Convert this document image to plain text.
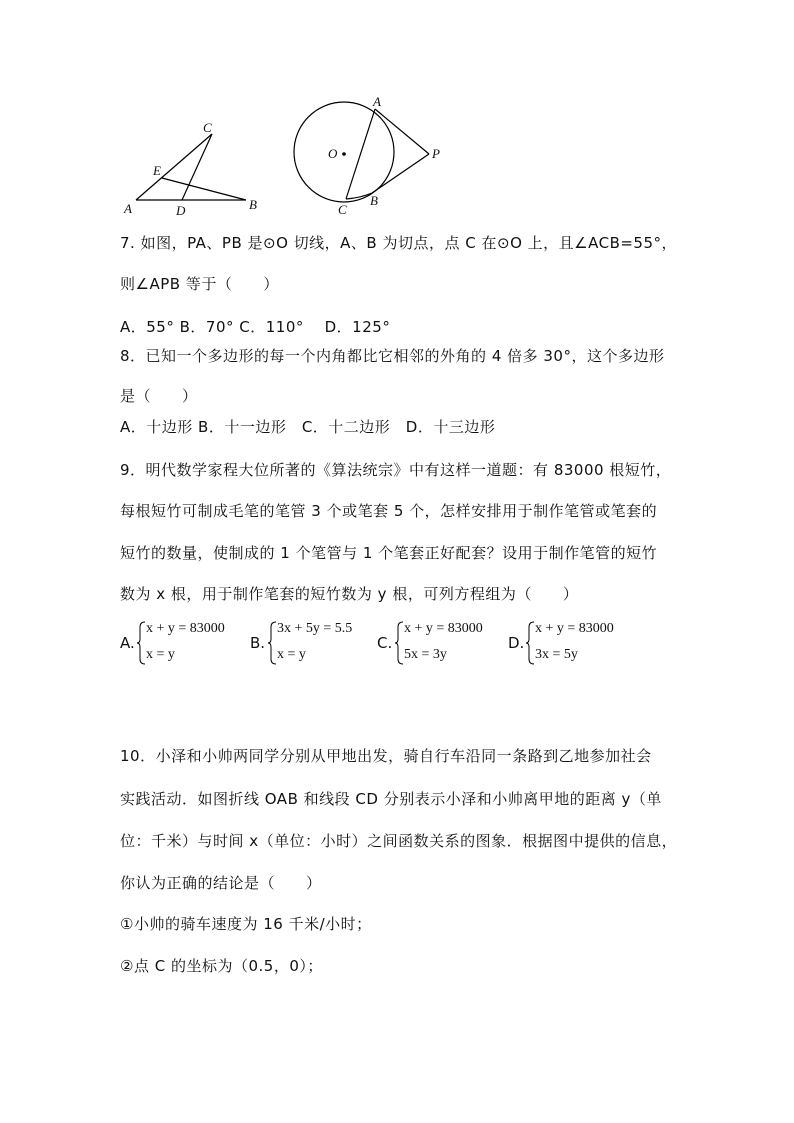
C
E
A	D	B
A
O	P
C
B
7. 如图，PA、PB 是⊙O 切线，A、B 为切点，点 C 在⊙O 上，且∠ACB=55°，
则∠APB 等于（　　）
A．55° B．70° C．110°　 D．125°
8．已知一个多边形的每一个内角都比它相邻的外角的 4 倍多 30°，这个多边形
是（　　）
A．十边形 B．十一边形　C．十二边形　D．十三边形
9．明代数学家程大位所著的《算法统宗》中有这样一道题：有 83000 根短竹，
每根短竹可制成毛笔的笔管 3 个或笔套 5 个，怎样安排用于制作笔管或笔套的
短竹的数量，使制成的 1 个笔管与 1 个笔套正好配套？设用于制作笔管的短竹
数为 x 根，用于制作笔套的短竹数为 y 根，可列方程组为（　　）
A.
x + y = 83000
x = y
B.
3x + 5y = 5.5
x = y
C.
x + y = 83000
5x = 3y
D.
x + y = 83000
3x = 5y
10．小泽和小帅两同学分别从甲地出发，骑自行车沿同一条路到乙地参加社会
实践活动．如图折线 OAB 和线段 CD 分别表示小泽和小帅离甲地的距离 y（单
位：千米）与时间 x（单位：小时）之间函数关系的图象．根据图中提供的信息，
你认为正确的结论是（　　）
①小帅的骑车速度为 16 千米/小时；
②点 C 的坐标为（0.5，0）；
